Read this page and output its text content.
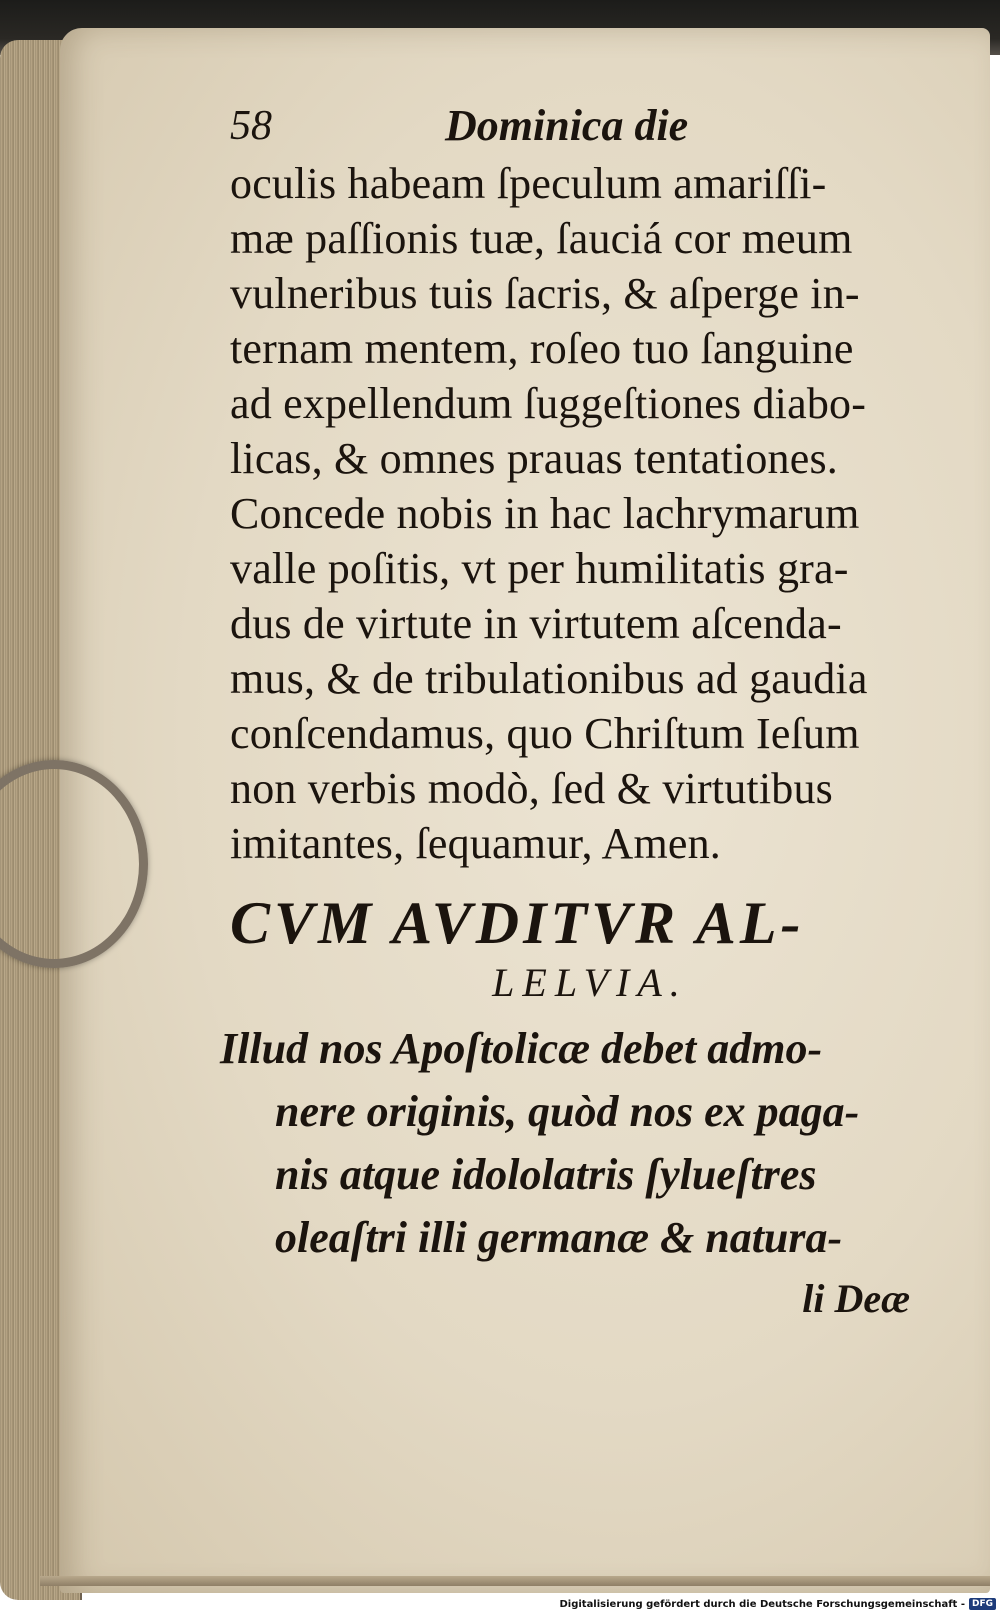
58	Dominica die
oculis habeam ſpeculum amariſſi-
mæ paſſionis tuæ, ſauciá cor meum
vulneribus tuis ſacris, & aſperge in-
ternam mentem, roſeo tuo ſanguine
ad expellendum ſuggeſtiones diabo-
licas, & omnes prauas tentationes.
Concede nobis in hac lachrymarum
valle poſitis, vt per humilitatis gra-
dus de virtute in virtutem aſcenda-
mus, & de tribulationibus ad gaudia
conſcendamus, quo Chriſtum Ieſum
non verbis modò, ſed & virtutibus
imitantes, ſequamur, Amen.
CVM AVDITVR AL-
LELVIA.
Illud nos Apoſtolicæ debet admo-
nere originis, quòd nos ex paga-
nis atque idololatris ſylueſtres
oleaſtri illi germanæ & natura-
li Deæ
Digitalisierung gefördert durch die Deutsche Forschungsgemeinschaft - DFG
